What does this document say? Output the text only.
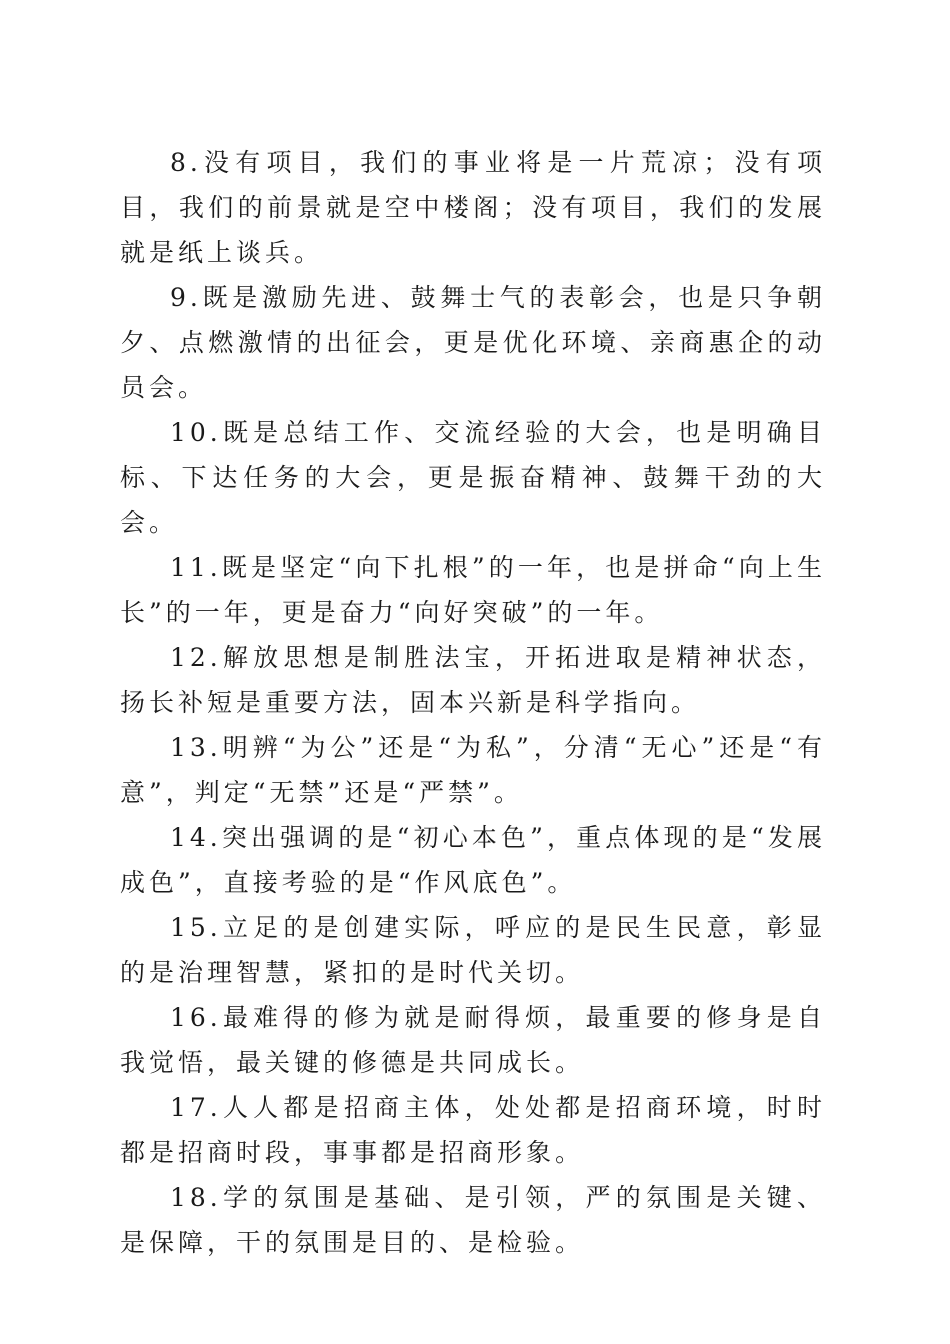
8.没有项目，我们的事业将是一片荒凉；没有项目，我们的前景就是空中楼阁；没有项目，我们的发展就是纸上谈兵。

9.既是激励先进、鼓舞士气的表彰会，也是只争朝夕、点燃激情的出征会，更是优化环境、亲商惠企的动员会。

10.既是总结工作、交流经验的大会，也是明确目标、下达任务的大会，更是振奋精神、鼓舞干劲的大会。

11.既是坚定“向下扎根”的一年，也是拼命“向上生长”的一年，更是奋力“向好突破”的一年。

12.解放思想是制胜法宝，开拓进取是精神状态，扬长补短是重要方法，固本兴新是科学指向。

13.明辨“为公”还是“为私”，分清“无心”还是“有意”，判定“无禁”还是“严禁”。

14.突出强调的是“初心本色”，重点体现的是“发展成色”，直接考验的是“作风底色”。

15.立足的是创建实际，呼应的是民生民意，彰显的是治理智慧，紧扣的是时代关切。

16.最难得的修为就是耐得烦，最重要的修身是自我觉悟，最关键的修德是共同成长。

17.人人都是招商主体，处处都是招商环境，时时都是招商时段，事事都是招商形象。

18.学的氛围是基础、是引领，严的氛围是关键、是保障，干的氛围是目的、是检验。
